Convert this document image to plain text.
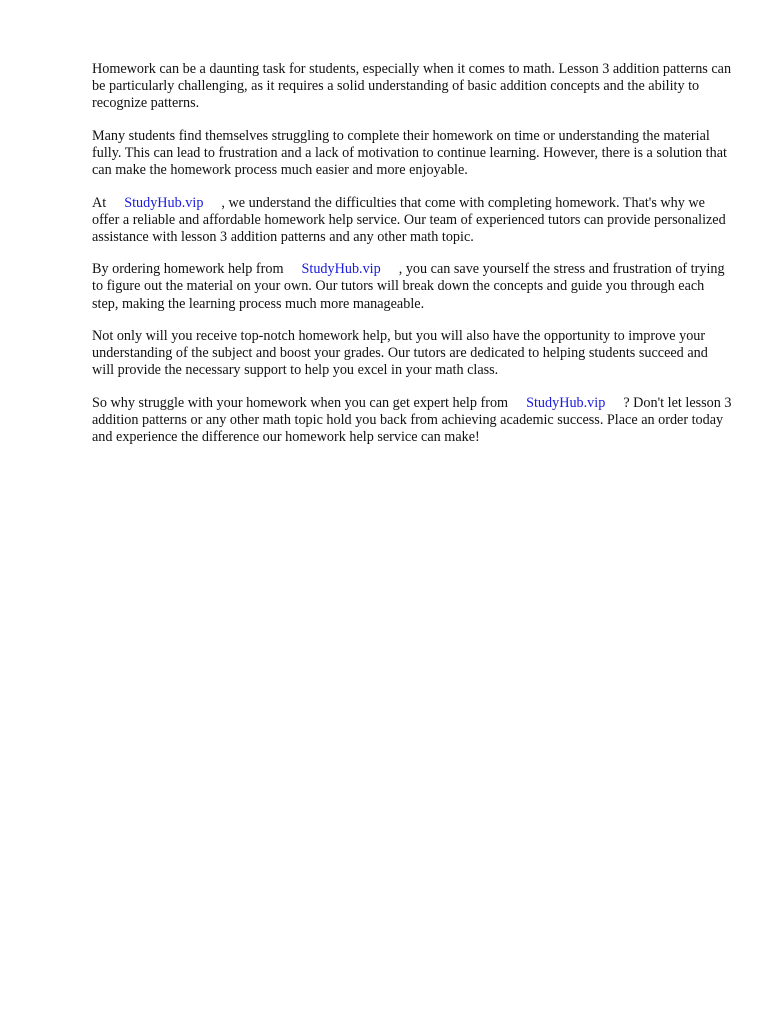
Homework can be a daunting task for students, especially when it comes to math. Lesson 3 addition patterns can be particularly challenging, as it requires a solid understanding of basic addition concepts and the ability to recognize patterns.

Many students find themselves struggling to complete their homework on time or understanding the material fully. This can lead to frustration and a lack of motivation to continue learning. However, there is a solution that can make the homework process much easier and more enjoyable.

At StudyHub.vip , we understand the difficulties that come with completing homework. That's why we offer a reliable and affordable homework help service. Our team of experienced tutors can provide personalized assistance with lesson 3 addition patterns and any other math topic.

By ordering homework help from StudyHub.vip , you can save yourself the stress and frustration of trying to figure out the material on your own. Our tutors will break down the concepts and guide you through each step, making the learning process much more manageable.

Not only will you receive top-notch homework help, but you will also have the opportunity to improve your understanding of the subject and boost your grades. Our tutors are dedicated to helping students succeed and will provide the necessary support to help you excel in your math class.

So why struggle with your homework when you can get expert help from StudyHub.vip ? Don't let lesson 3 addition patterns or any other math topic hold you back from achieving academic success. Place an order today and experience the difference our homework help service can make!
